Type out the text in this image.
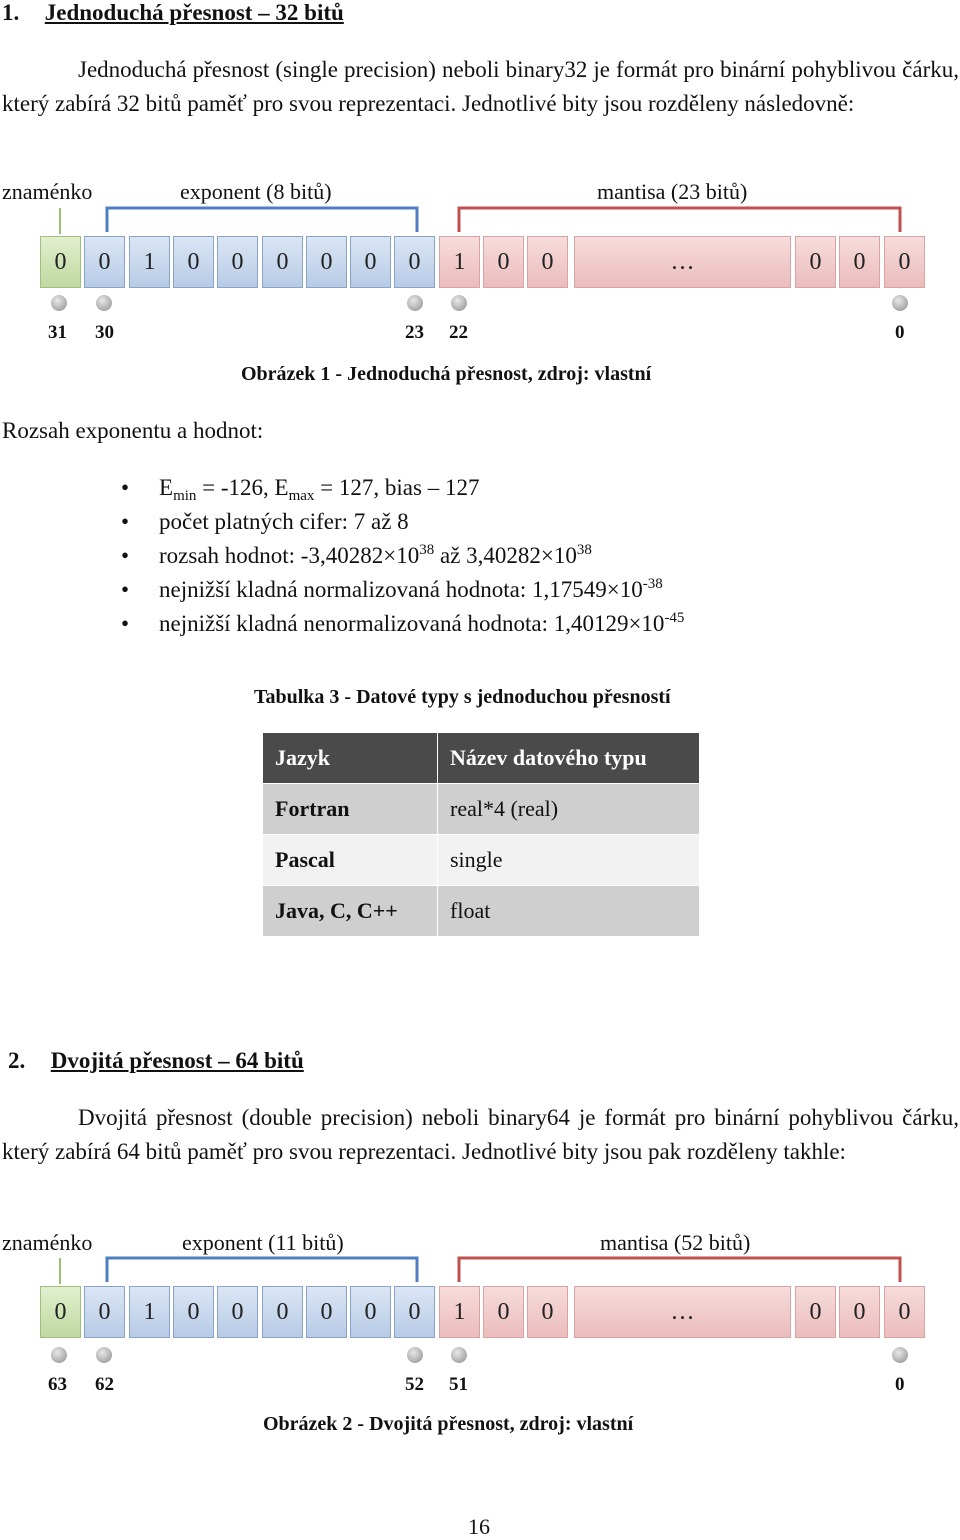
1. Jednoduchá přesnost – 32 bitů
Jednoduchá přesnost (single precision) neboli binary32 je formát pro binární pohyblivou čárku, který zabírá 32 bitů paměť pro svou reprezentaci. Jednotlivé bity jsou rozděleny následovně:
znaménko	exponent (8 bitů)	mantisa (23 bitů)
0	0	1	0	0	0	0	0	0	1	0	0	…	0	0	0
31 30	23 22	0
Obrázek 1 - Jednoduchá přesnost, zdroj: vlastní
Rozsah exponentu a hodnot:
• $E_{min} = -126$, $E_{max} = 127$, bias – 127
• počet platných cifer: 7 až 8
• rozsah hodnot: $-3,40282\times 10^{38}$ až $3,40282\times 10^{38}$
• nejnižší kladná normalizovaná hodnota: $1,17549\times 10^{-38}$
• nejnižší kladná nenormalizovaná hodnota: $1,40129\times 10^{-45}$
Tabulka 3 - Datové typy s jednoduchou přesností
Jazyk	Název datového typu
Fortran	real*4 (real)
Pascal	single
Java, C, C++	float
2. Dvojitá přesnost – 64 bitů
Dvojitá přesnost (double precision) neboli binary64 je formát pro binární pohyblivou čárku, který zabírá 64 bitů paměť pro svou reprezentaci. Jednotlivé bity jsou pak rozděleny takhle:
znaménko	exponent (11 bitů)	mantisa (52 bitů)
0	0	1	0	0	0	0	0	0	1	0	0	…	0	0	0
63 62	52 51	0
Obrázek 2 - Dvojitá přesnost, zdroj: vlastní
16
